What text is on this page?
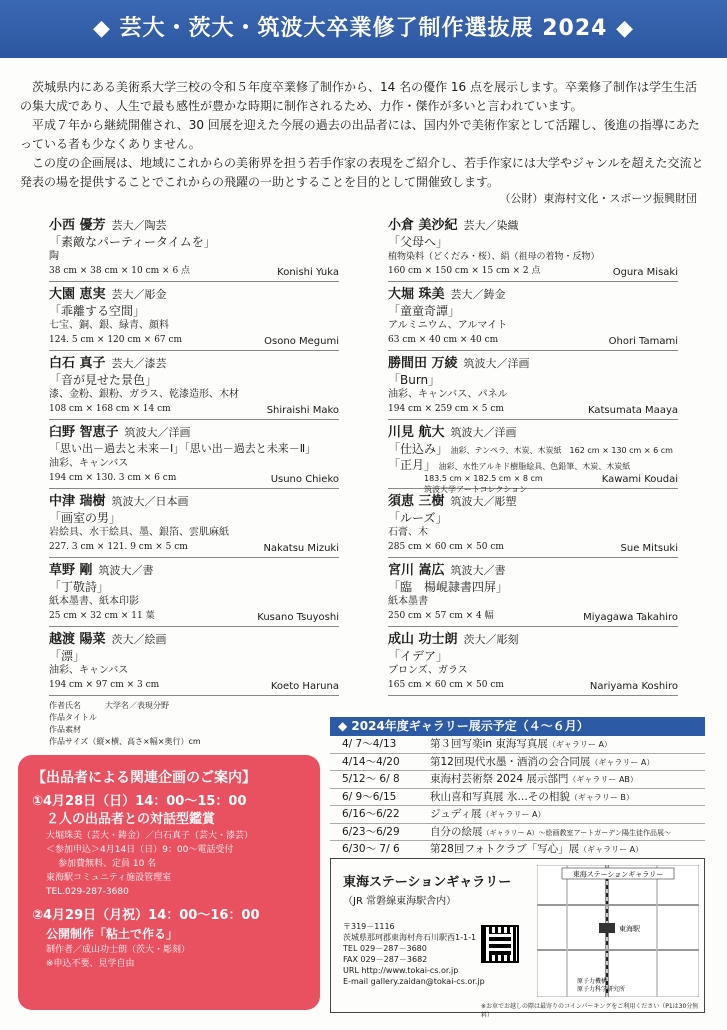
◆ 芸大・茨大・筑波大卒業修了制作選抜展 2024 ◆

茨城県内にある美術系大学三校の令和５年度卒業修了制作から、14 名の優作 16 点を展示します。卒業修了制作は学生生活の集大成であり、人生で最も感性が豊かな時期に制作されるため、力作・傑作が多いと言われています。

平成７年から継続開催され、30 回展を迎えた今展の過去の出品者には、国内外で美術作家として活躍し、後進の指導にあたっている者も少なくありません。

この度の企画展は、地域にこれからの美術界を担う若手作家の表現をご紹介し、若手作家には大学やジャンルを超えた交流と発表の場を提供することでこれからの飛躍の一助とすることを目的として開催致します。

（公財）東海村文化・スポーツ振興財団
小西 優芳 芸大／陶芸
「素敵なパーティータイムを」
陶
38 cm × 38 cm × 10 cm × 6 点	Konishi Yuka
大園 恵実 芸大／彫金
「乖離する空間」
七宝、銅、銀、緑青、顔料
124. 5 cm × 120 cm × 67 cm	Osono Megumi
白石 真子 芸大／漆芸
「音が見せた景色」
漆、金粉、銀粉、ガラス、乾漆造形、木材
108 cm × 168 cm × 14 cm	Shiraishi Mako
臼野 智恵子 筑波大／洋画
「思い出－過去と未来－Ⅰ」「思い出－過去と未来－Ⅱ」
油彩、キャンバス
194 cm × 130. 3 cm × 6 cm	Usuno Chieko
中津 瑞樹 筑波大／日本画
「画室の男」
岩絵具、水干絵具、墨、銀箔、雲肌麻紙
227. 3 cm × 121. 9 cm × 5 cm	Nakatsu Mizuki
草野 剛 筑波大／書
「丁敬詩」
紙本墨書、紙本印影
25 cm × 32 cm × 11 葉	Kusano Tsuyoshi
越渡 陽菜 茨大／絵画
「漂」
油彩、キャンバス
194 cm × 97 cm × 3 cm	Koeto Haruna
小倉 美沙紀 芸大／染織
「父母へ」
植物染料（どくだみ・桜）、絹（祖母の着物・反物）
160 cm × 150 cm × 15 cm × 2 点	Ogura Misaki
大堀 珠美 芸大／鋳金
「童童奇譚」
アルミニウム、アルマイト
63 cm × 40 cm × 40 cm	Ohori Tamami
勝間田 万綾 筑波大／洋画
「Burn」
油彩、キャンバス、パネル
194 cm × 259 cm × 5 cm	Katsumata Maaya
川見 航大 筑波大／洋画
「仕込み」 油彩、テンペラ、木炭、木炭紙　162 cm × 130 cm × 6 cm
「正月」 油彩、水性アルキド樹脂絵具、色鉛筆、木炭、木炭紙
183.5 cm × 182.5 cm × 8 cm
筑波大学アートコレクション
Kawami Koudai
須恵 三樹 筑波大／彫塑
「ルーズ」
石膏、木
285 cm × 60 cm × 50 cm	Sue Mitsuki
宮川 嵩広 筑波大／書
「臨　楊峴隷書四屏」
紙本墨書
250 cm × 57 cm × 4 幅	Miyagawa Takahiro
成山 功士朗 茨大／彫刻
「イデア」
ブロンズ、ガラス
165 cm × 60 cm × 50 cm	Nariyama Koshiro
作者氏名　　　大学名／表現分野
作品タイトル
作品素材
作品サイズ（縦×横、高さ×幅×奥行）cm
【出品者による関連企画のご案内】
①4月28日（日）14：00～15：00
２人の出品者との対話型鑑賞
大堀珠美（芸大・鋳金）／白石真子（芸大・漆芸）
＜参加申込＞4月14日（日）9：00～電話受付
参加費無料、定員 10 名
東海駅コミュニティ施設管理室
TEL.029-287-3680
②4月29日（月祝）14：00～16：00
公開制作「粘土で作る」
制作者／成山功士朗（茨大・彫刻）
※申込不要、見学自由
◆ 2024年度ギャラリー展示予定（４～６月）
4/ 7～4/13	第３回写楽in 東海写真展（ギャラリー A）
4/14～4/20	第12回現代水墨・酒消の会合同展（ギャラリー A）
5/12～ 6/ 8	東海村芸術祭 2024 展示部門（ギャラリー AB）
6/ 9～6/15	秋山喜和写真展 氷…その相貌（ギャラリー B）
6/16～6/22	ジュディ展（ギャラリー A）
6/23～6/29	自分の絵展（ギャラリー A）～絵画教室アートガーデン陽生徒作品展～
6/30～ 7/ 6	第28回フォトクラブ「写心」展（ギャラリー A）
東海ステーションギャラリー
（JR 常磐線東海駅舎内）
〒319－1116
茨城県那珂郡東海村舟石川駅西1-1-1
TEL 029－287－3680
FAX 029－287－3682
URL http://www.tokai-cs.or.jp
E-mail gallery.zaidan@tokai-cs.or.jp
東海ステーションギャラリー
東海駅
原子力機構
原子力科学研究所
※お車でお越しの際は最寄りのコインパーキングをご利用ください（P1は30分無料）
